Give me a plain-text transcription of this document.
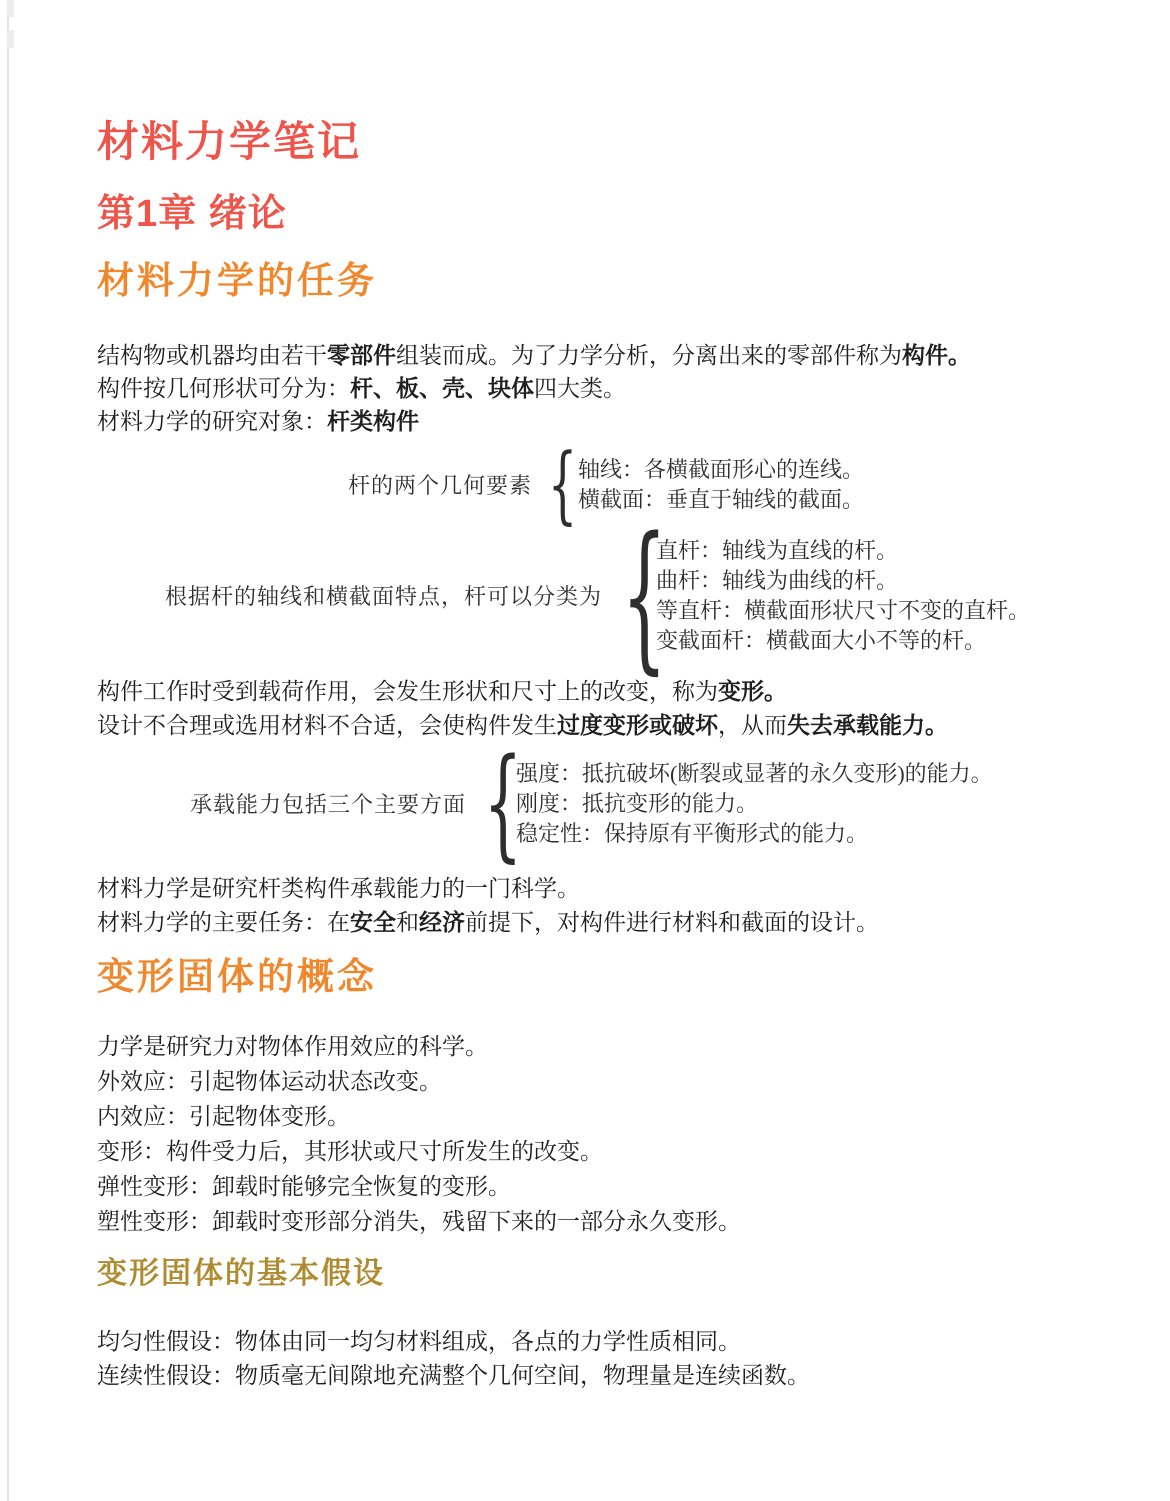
材料力学笔记
第1章 绪论
材料力学的任务
结构物或机器均由若干零部件组装而成。为了力学分析，分离出来的零部件称为构件。
构件按几何形状可分为：杆、板、壳、块体四大类。
材料力学的研究对象：杆类构件
杆的两个几何要素 { 轴线：各横截面形心的连线。
横截面：垂直于轴线的截面。
根据杆的轴线和横截面特点，杆可以分类为 {
直杆：轴线为直线的杆。
曲杆：轴线为曲线的杆。
等直杆：横截面形状尺寸不变的直杆。
变截面杆：横截面大小不等的杆。
构件工作时受到载荷作用，会发生形状和尺寸上的改变，称为变形。
设计不合理或选用材料不合适，会使构件发生过度变形或破坏，从而失去承载能力。
承载能力包括三个主要方面 {
强度：抵抗破坏(断裂或显著的永久变形)的能力。
刚度：抵抗变形的能力。
稳定性：保持原有平衡形式的能力。
材料力学是研究杆类构件承载能力的一门科学。
材料力学的主要任务：在安全和经济前提下，对构件进行材料和截面的设计。
变形固体的概念
力学是研究力对物体作用效应的科学。
外效应：引起物体运动状态改变。
内效应：引起物体变形。
变形：构件受力后，其形状或尺寸所发生的改变。
弹性变形：卸载时能够完全恢复的变形。
塑性变形：卸载时变形部分消失，残留下来的一部分永久变形。
变形固体的基本假设
均匀性假设：物体由同一均匀材料组成，各点的力学性质相同。
连续性假设：物质毫无间隙地充满整个几何空间，物理量是连续函数。
